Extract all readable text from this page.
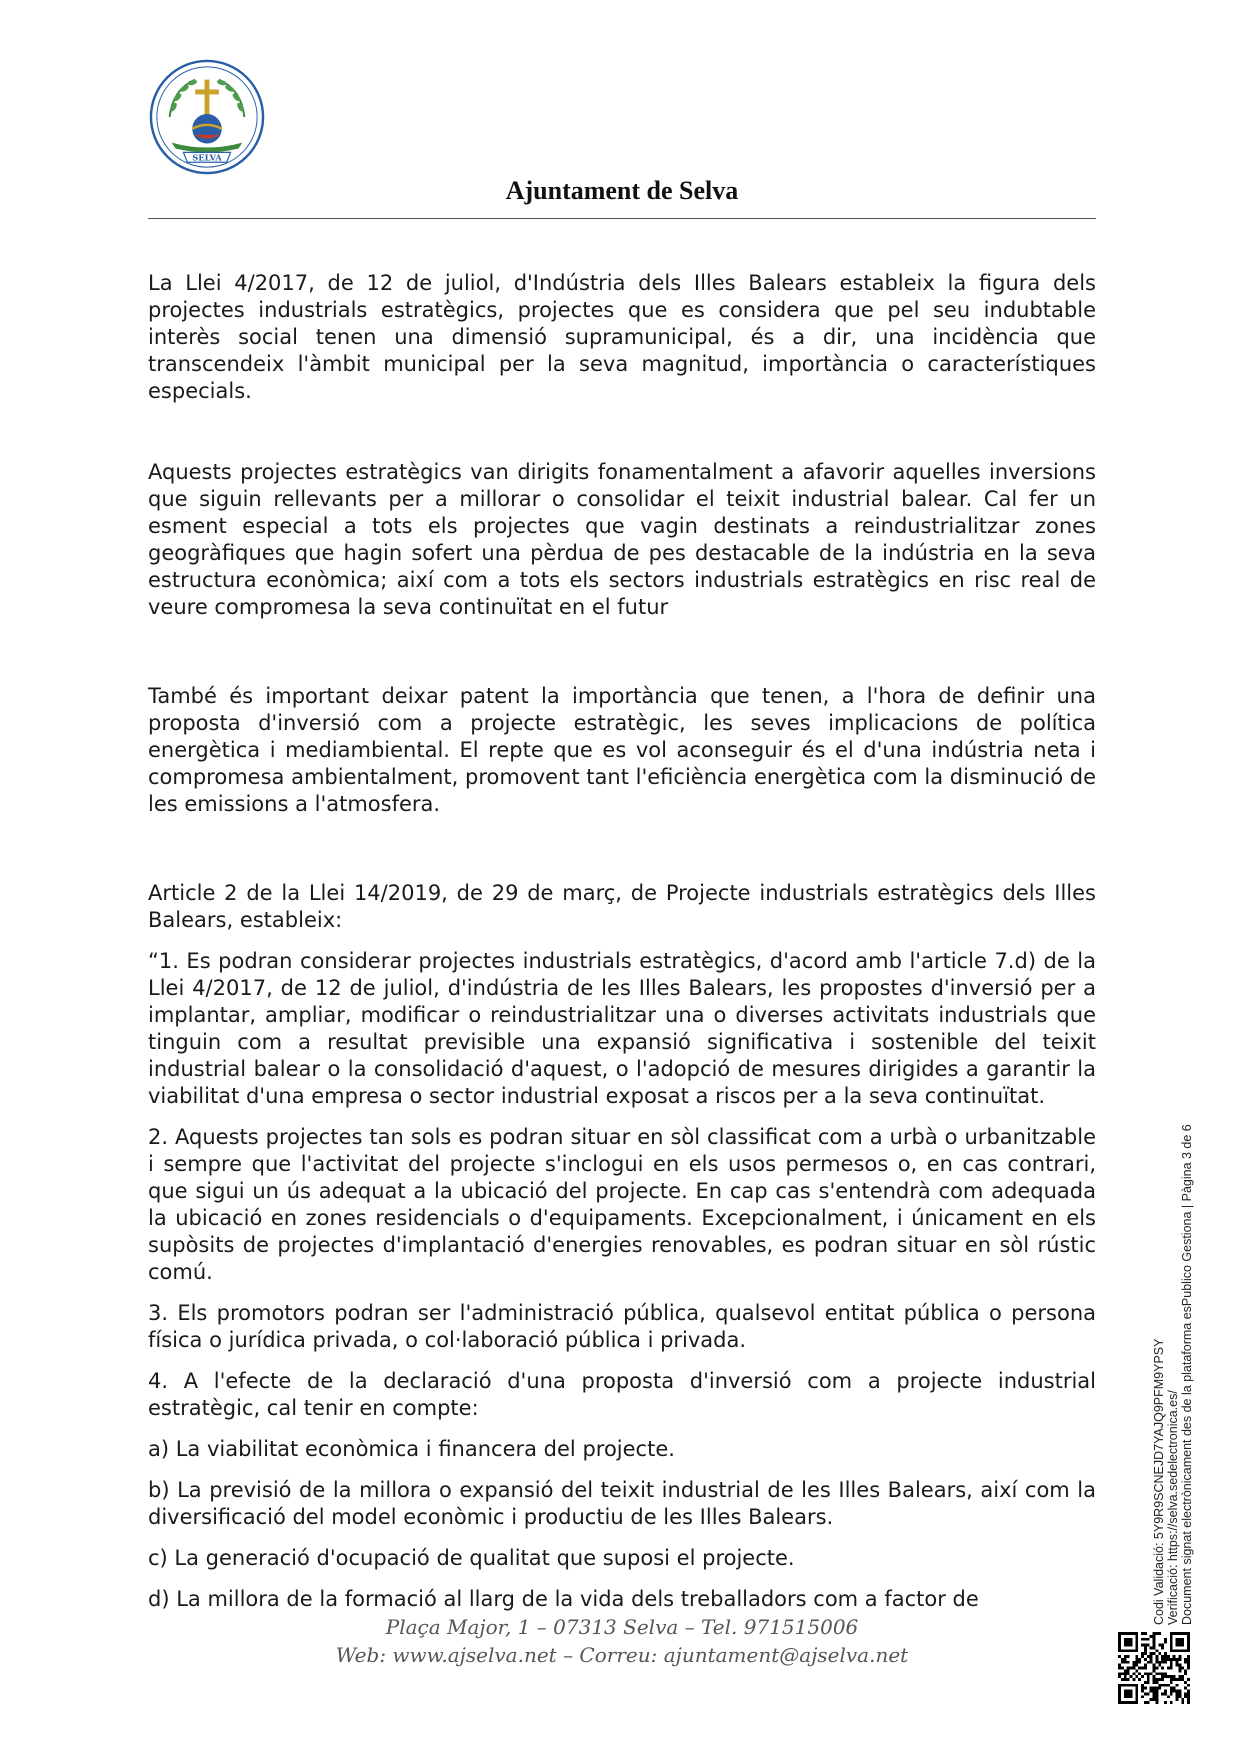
SELVA
Ajuntament de Selva

La Llei 4/2017, de 12 de juliol, d'Indústria dels Illes Balears estableix la figura dels projectes industrials estratègics, projectes que es considera que pel seu indubtable interès social tenen una dimensió supramunicipal, és a dir, una incidència que transcendeix l'àmbit municipal per la seva magnitud, importància o característiques especials.

Aquests projectes estratègics van dirigits fonamentalment a afavorir aquelles inversions que siguin rellevants per a millorar o consolidar el teixit industrial balear. Cal fer un esment especial a tots els projectes que vagin destinats a reindustrialitzar zones geogràfiques que hagin sofert una pèrdua de pes destacable de la indústria en la seva estructura econòmica; així com a tots els sectors industrials estratègics en risc real de veure compromesa la seva continuïtat en el futur

També és important deixar patent la importància que tenen, a l'hora de definir una proposta d'inversió com a projecte estratègic, les seves implicacions de política energètica i mediambiental. El repte que es vol aconseguir és el d'una indústria neta i compromesa ambientalment, promovent tant l'eficiència energètica com la disminució de les emissions a l'atmosfera.

Article 2 de la Llei 14/2019, de 29 de març, de Projecte industrials estratègics dels Illes Balears, estableix:

“1. Es podran considerar projectes industrials estratègics, d'acord amb l'article 7.d) de la Llei 4/2017, de 12 de juliol, d'indústria de les Illes Balears, les propostes d'inversió per a implantar, ampliar, modificar o reindustrialitzar una o diverses activitats industrials que tinguin com a resultat previsible una expansió significativa i sostenible del teixit industrial balear o la consolidació d'aquest, o l'adopció de mesures dirigides a garantir la viabilitat d'una empresa o sector industrial exposat a riscos per a la seva continuïtat.

2. Aquests projectes tan sols es podran situar en sòl classificat com a urbà o urbanitzable i sempre que l'activitat del projecte s'inclogui en els usos permesos o, en cas contrari, que sigui un ús adequat a la ubicació del projecte. En cap cas s'entendrà com adequada la ubicació en zones residencials o d'equipaments. Excepcionalment, i únicament en els supòsits de projectes d'implantació d'energies renovables, es podran situar en sòl rústic comú.

3. Els promotors podran ser l'administració pública, qualsevol entitat pública o persona física o jurídica privada, o col·laboració pública i privada.

4. A l'efecte de la declaració d'una proposta d'inversió com a projecte industrial estratègic, cal tenir en compte:

a) La viabilitat econòmica i financera del projecte.

b) La previsió de la millora o expansió del teixit industrial de les Illes Balears, així com la diversificació del model econòmic i productiu de les Illes Balears.

c) La generació d'ocupació de qualitat que suposi el projecte.

d) La millora de la formació al llarg de la vida dels treballadors com a factor de

Plaça Major, 1 – 07313 Selva – Tel. 971515006
Web: www.ajselva.net – Correu: ajuntament@ajselva.net
Codi Validació: 5Y9R9SCNEJD7YAJQ9PFM9YPSY Verificació: https://selva.sedelectronica.es/ Document signat electrònicament des de la plataforma esPublico Gestiona | Pàgina 3 de 6
